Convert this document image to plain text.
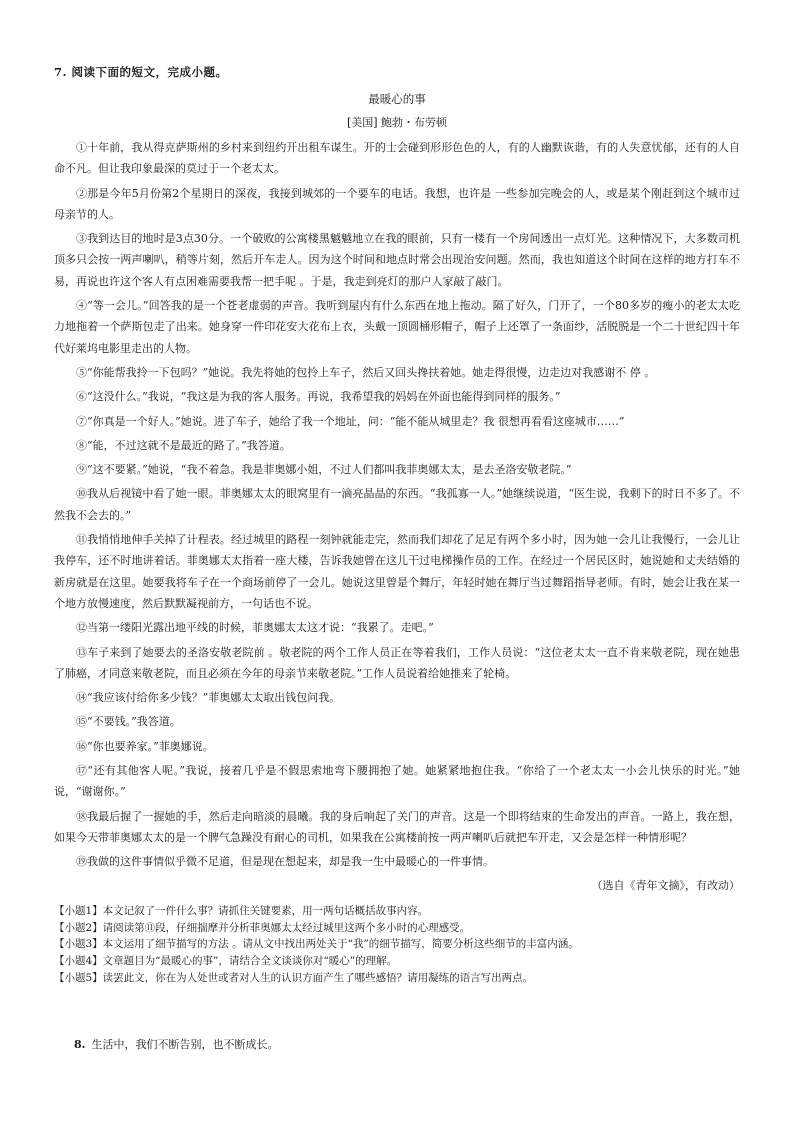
7. 阅读下面的短文，完成小题。
最暖心的事
[美国] 鲍勃・布劳顿

①十年前，我从得克萨斯州的乡村来到纽约开出租车谋生。开的士会碰到形形色色的人，有的人幽默诙谐，有的人失意忧郁，还有的人自命不凡。但让我印象最深的莫过于一个老太太。

②那是今年5月份第2个星期日的深夜，我接到城郊的一个要车的电话。我想，也许是 一些参加完晚会的人，或是某个刚赶到这个城市过母亲节的人。

③我到达目的地时是3点30分。一个破败的公寓楼黑魆魆地立在我的眼前，只有一楼有一个房间透出一点灯光。这种情况下，大多数司机顶多只会按一两声喇叭，稍等片刻，然后开车走人。因为这个时间和地点时常会出现治安问题。然而，我也知道这个时间在这样的地方打车不易，再说也许这个客人有点困难需要我帮一把手呢 。于是，我走到亮灯的那户人家敲了敲门。

④“等一会儿。”回答我的是一个苍老虚弱的声音。我听到屋内有什么东西在地上拖动。隔了好久，门开了，一个80多岁的瘦小的老太太吃力地拖着一个萨斯包走了出来。她身穿一件印花安大花布上衣，头戴一顶圆桶形帽子，帽子上还罩了一条面纱，活脱脱是一个二十世纪四十年代好莱坞电影里走出的人物。

⑤“你能帮我拎一下包吗？”她说。我先将她的包拎上车子，然后又回头搀扶着她。她走得很慢，边走边对我感谢不 停 。

⑥“这没什么。”我说，“我这是为我的客人服务。再说，我希望我的妈妈在外面也能得到同样的服务。”

⑦“你真是一个好人。”她说。进了车子，她给了我一个地址，问：“能不能从城里走？我 很想再看看这座城市……”

⑧“能，不过这就不是最近的路了。”我答道。

⑨“这不要紧。”她说，“我不着急。我是菲奥娜小姐，不过人们都叫我菲奥娜太太，是去圣洛安敬老院。”

⑩我从后视镜中看了她一眼。菲奥娜太太的眼窝里有一滴亮晶晶的东西。“我孤寡一人。”她继续说道，“医生说，我剩下的时日不多了。不然我不会去的。”

⑪我悄悄地伸手关掉了计程表。经过城里的路程一刻钟就能走完，然而我们却花了足足有两个多小时，因为她一会儿让我慢行，一会儿让我停车，还不时地讲着话。菲奥娜太太指着一座大楼，告诉我她曾在这儿干过电梯操作员的工作。在经过一个居民区时，她说她和丈夫结婚的新房就是在这里。她要我将车子在一个商场前停了一会儿。她说这里曾是个舞厅，年轻时她在舞厅当过舞蹈指导老师。有时，她会让我在某一个地方放慢速度，然后默默凝视前方，一句话也不说。

⑫当第一缕阳光露出地平线的时候，菲奥娜太太这才说：“我累了。走吧。”

⑬车子来到了她要去的圣洛安敬老院前 。敬老院的两个工作人员正在等着我们，工作人员说：“这位老太太一直不肯来敬老院，现在她患了肺癌，才同意来敬老院，而且必须在今年的母亲节来敬老院。”工作人员说着给她推来了轮椅。

⑭“我应该付给你多少钱？”菲奥娜太太取出钱包问我。

⑮“不要钱。”我答道。

⑯“你也要养家。”菲奥娜说。

⑰“还有其他客人呢。”我说，接着几乎是不假思索地弯下腰拥抱了她。她紧紧地抱住我。“你给了一个老太太一小会儿快乐的时光。”她说，“谢谢你。”

⑱我最后握了一握她的手，然后走向暗淡的晨曦。我的身后响起了关门的声音。这是一个即将结束的生命发出的声音。一路上，我在想，如果今天带菲奥娜太太的是一个脾气急躁没有耐心的司机，如果我在公寓楼前按一两声喇叭后就把车开走，又会是怎样一种情形呢？

⑲我做的这件事情似乎微不足道，但是现在想起来，却是我一生中最暖心的一件事情。

（选自《青年文摘》，有改动）

【小题1】本文记叙了一件什么事？请抓住关键要素，用一两句话概括故事内容。

【小题2】请阅读第⑪段，仔细揣摩并分析菲奥娜太太经过城里这两个多小时的心理感受。

【小题3】本文运用了细节描写的方法 。请从文中找出两处关于“我”的细节描写，简要分析这些细节的丰富内涵。

【小题4】文章题目为“最暖心的事”，请结合全文谈谈你对“暖心”的理解。

【小题5】读罢此文，你在为人处世或者对人生的认识方面产生了哪些感悟？请用凝练的语言写出两点。

8. 生活中，我们不断告别，也不断成长。
